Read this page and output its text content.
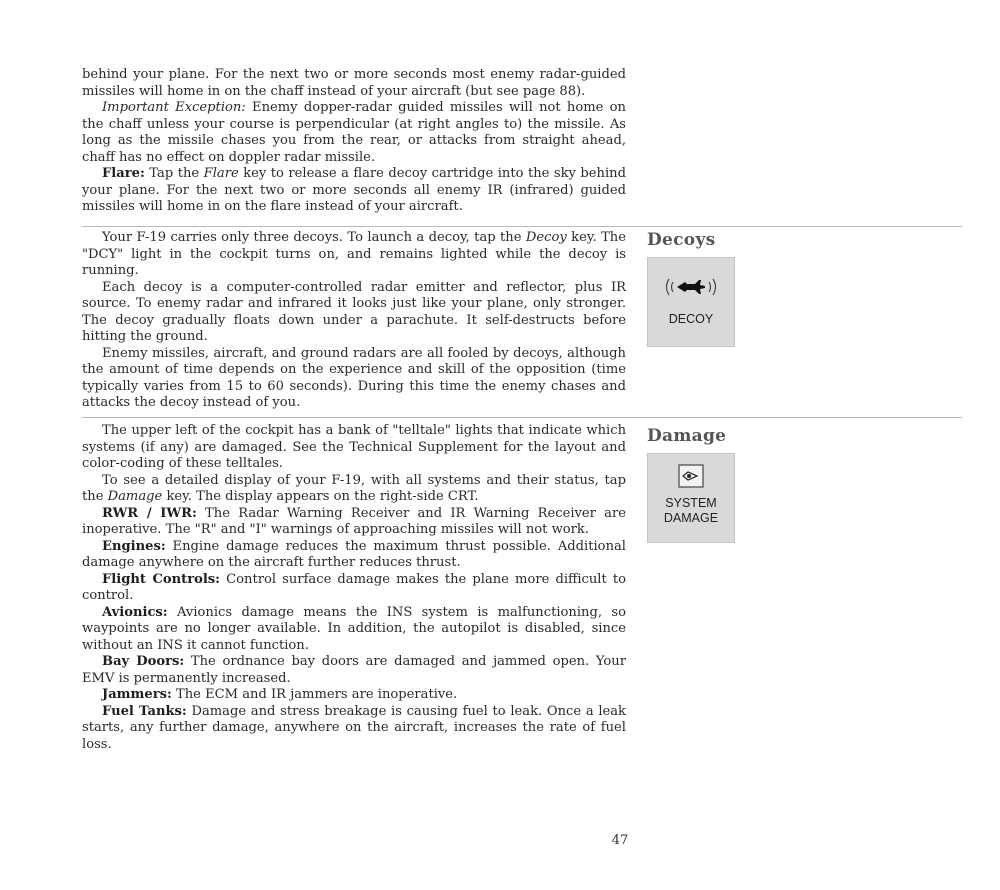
behind your plane. For the next two or more seconds most enemy radar-guided missiles will home in on the chaff instead of your aircraft (but see page 88).

Important Exception: Enemy dopper-radar guided missiles will not home on the chaff unless your course is perpendicular (at right angles to) the missile. As long as the missile chases you from the rear, or attacks from straight ahead, chaff has no effect on doppler radar missile.

Flare: Tap the Flare key to release a flare decoy cartridge into the sky behind your plane. For the next two or more seconds all enemy IR (infrared) guided missiles will home in on the flare instead of your aircraft.

Decoys
DECOY

Your F-19 carries only three decoys. To launch a decoy, tap the Decoy key. The "DCY" light in the cockpit turns on, and remains lighted while the decoy is running.

Each decoy is a computer-controlled radar emitter and reflector, plus IR source. To enemy radar and infrared it looks just like your plane, only stronger. The decoy gradually floats down under a parachute. It self-destructs before hitting the ground.

Enemy missiles, aircraft, and ground radars are all fooled by decoys, although the amount of time depends on the experience and skill of the opposition (time typically varies from 15 to 60 seconds). During this time the enemy chases and attacks the decoy instead of you.

Damage
SYSTEM
DAMAGE

The upper left of the cockpit has a bank of "telltale" lights that indicate which systems (if any) are damaged. See the Technical Supplement for the layout and color-coding of these telltales.

To see a detailed display of your F-19, with all systems and their status, tap the Damage key. The display appears on the right-side CRT.

RWR / IWR: The Radar Warning Receiver and IR Warning Receiver are inoperative. The "R" and "I" warnings of approaching missiles will not work.

Engines: Engine damage reduces the maximum thrust possible. Additional damage anywhere on the aircraft further reduces thrust.

Flight Controls: Control surface damage makes the plane more difficult to control.

Avionics: Avionics damage means the INS system is malfunctioning, so waypoints are no longer available. In addition, the autopilot is disabled, since without an INS it cannot function.

Bay Doors: The ordnance bay doors are damaged and jammed open. Your EMV is permanently increased.

Jammers: The ECM and IR jammers are inoperative.

Fuel Tanks: Damage and stress breakage is causing fuel to leak. Once a leak starts, any further damage, anywhere on the aircraft, increases the rate of fuel loss.

47
